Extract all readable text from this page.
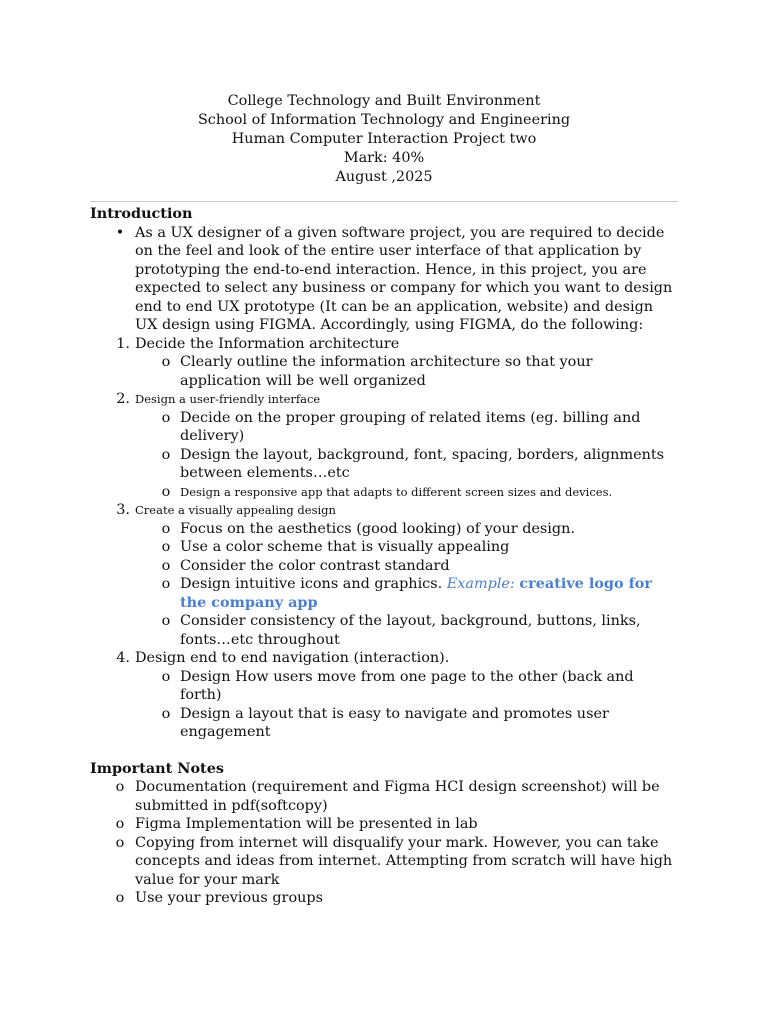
College Technology and Built Environment
School of Information Technology and Engineering
Human Computer Interaction Project two
Mark: 40%
August ,2025
Introduction
• As a UX designer of a given software project, you are required to decide on the feel and look of the entire user interface of that application by prototyping the end-to-end interaction. Hence, in this project, you are expected to select any business or company for which you want to design end to end UX prototype (It can be an application, website) and design UX design using FIGMA. Accordingly, using FIGMA, do the following:
1. Decide the Information architecture
o Clearly outline the information architecture so that your application will be well organized
2. Design a user-friendly interface
o Decide on the proper grouping of related items (eg. billing and delivery)
o Design the layout, background, font, spacing, borders, alignments between elements…etc
o Design a responsive app that adapts to different screen sizes and devices.
3. Create a visually appealing design
o Focus on the aesthetics (good looking) of your design.
o Use a color scheme that is visually appealing
o Consider the color contrast standard
o Design intuitive icons and graphics. Example: creative logo for the company app
o Consider consistency of the layout, background, buttons, links, fonts…etc throughout
4. Design end to end navigation (interaction).
o Design How users move from one page to the other (back and forth)
o Design a layout that is easy to navigate and promotes user engagement
Important Notes
o Documentation (requirement and Figma HCI design screenshot) will be submitted in pdf(softcopy)
o Figma Implementation will be presented in lab
o Copying from internet will disqualify your mark. However, you can take concepts and ideas from internet. Attempting from scratch will have high value for your mark
o Use your previous groups
